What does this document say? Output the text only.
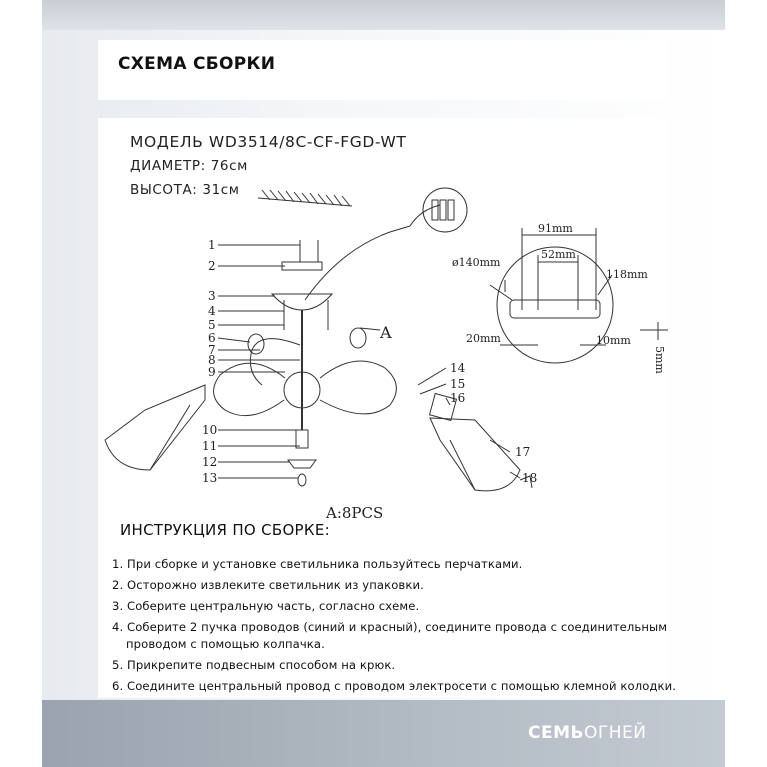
СХЕМА СБОРКИ
МОДЕЛЬ WD3514/8C-CF-FGD-WT
ДИАМЕТР: 76см
ВЫСОТА: 31см
1
2
3
4
5
6
7
8
9
10
11
12
13
14
15
16
17
18
A
A:8PCS
91mm
52mm
ø140mm
118mm
20mm	10mm
5mm
ИНСТРУКЦИЯ ПО СБОРКЕ:
1. При сборке и установке светильника пользуйтесь перчатками.
2. Осторожно извлеките светильник из упаковки.
3. Соберите центральную часть, согласно схеме.
4. Соберите 2 пучка проводов (синий и красный), соедините провода с соединительным
проводом с помощью колпачка.
5. Прикрепите подвесным способом на крюк.
6. Соедините центральный провод с проводом электросети с помощью клемной колодки.
СЕМЬОГНЕЙ
